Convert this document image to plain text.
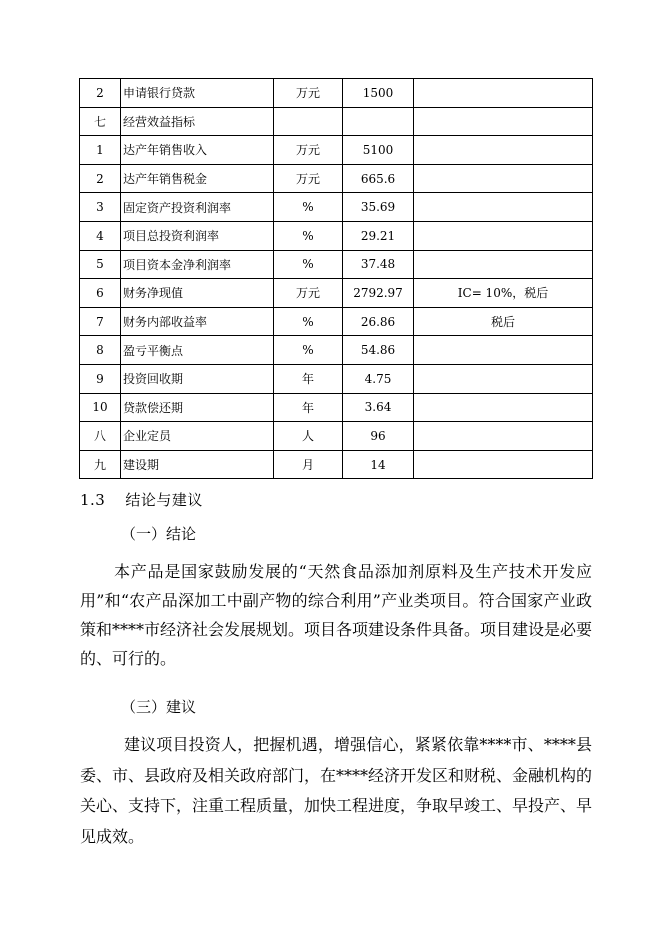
2	申请银行贷款	万元	1500	
七	经营效益指标			
1	达产年销售收入	万元	5100	
2	达产年销售税金	万元	665.6	
3	固定资产投资利润率	%	35.69	
4	项目总投资利润率	%	29.21	
5	项目资本金净利润率	%	37.48	
6	财务净现值	万元	2792.97	IC= 10%，税后
7	财务内部收益率	%	26.86	税后
8	盈亏平衡点	%	54.86	
9	投资回收期	年	4.75	
10	贷款偿还期	年	3.64	
八	企业定员	人	96	
九	建设期	月	14	
1.3 结论与建议
（一）结论
本产品是国家鼓励发展的“天然食品添加剂原料及生产技术开发应用”和“农产品深加工中副产物的综合利用”产业类项目。符合国家产业政策和****市经济社会发展规划。项目各项建设条件具备。项目建设是必要的、可行的。
（三）建议
建议项目投资人，把握机遇，增强信心，紧紧依靠****市、****县委、市、县政府及相关政府部门，在****经济开发区和财税、金融机构的关心、支持下，注重工程质量，加快工程进度，争取早竣工、早投产、早见成效。
